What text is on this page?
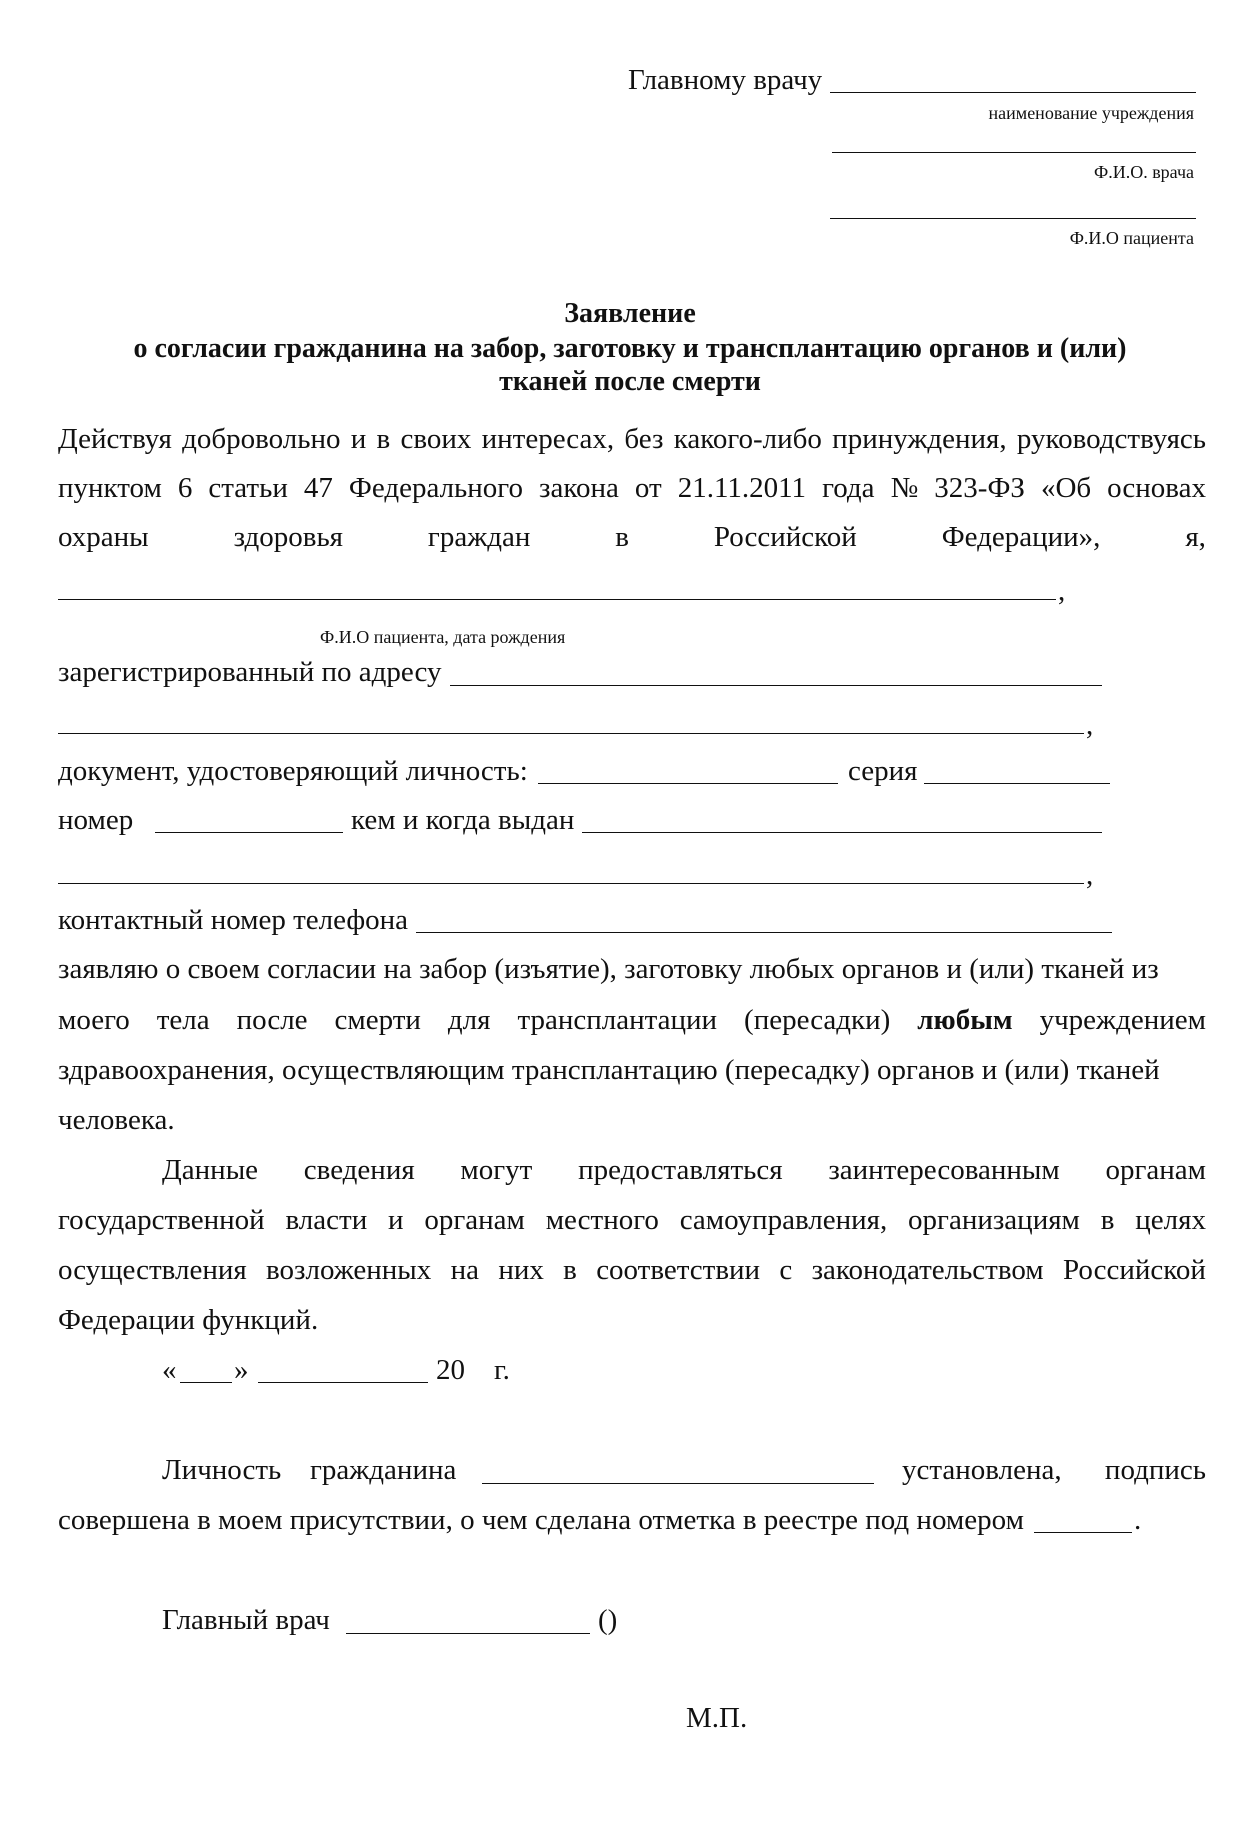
Главному врачу
наименование учреждения
Ф.И.О. врача
Ф.И.О пациента
Заявление
о согласии гражданина на забор, заготовку и трансплантацию органов и (или)
тканей после смерти
Действуя добровольно и в своих интересах, без какого-либо принуждения, руководствуясь
пунктом 6 статьи 47 Федерального закона от 21.11.2011 года № 323-ФЗ «Об основах
охраны	здоровья	граждан	в	Российской	Федерации»,	я,
,
Ф.И.О пациента, дата рождения
зарегистрированный по адресу
,
документ, удостоверяющий личность:	серия
номер	кем и когда выдан
,
контактный номер телефона
заявляю о своем согласии на забор (изъятие), заготовку любых органов и (или) тканей из
моего тела после смерти для трансплантации (пересадки) любым учреждением
здравоохранения, осуществляющим трансплантацию (пересадку) органов и (или) тканей
человека.
Данные сведения могут предоставляться заинтересованным органам
государственной власти и органам местного самоуправления, организациям в целях
осуществления возложенных на них в соответствии с законодательством Российской
Федерации функций.
« »	20 г.
Личность гражданина	установлена, подпись
совершена в моем присутствии, о чем сделана отметка в реестре под номером	.
Главный врач	()
М.П.
